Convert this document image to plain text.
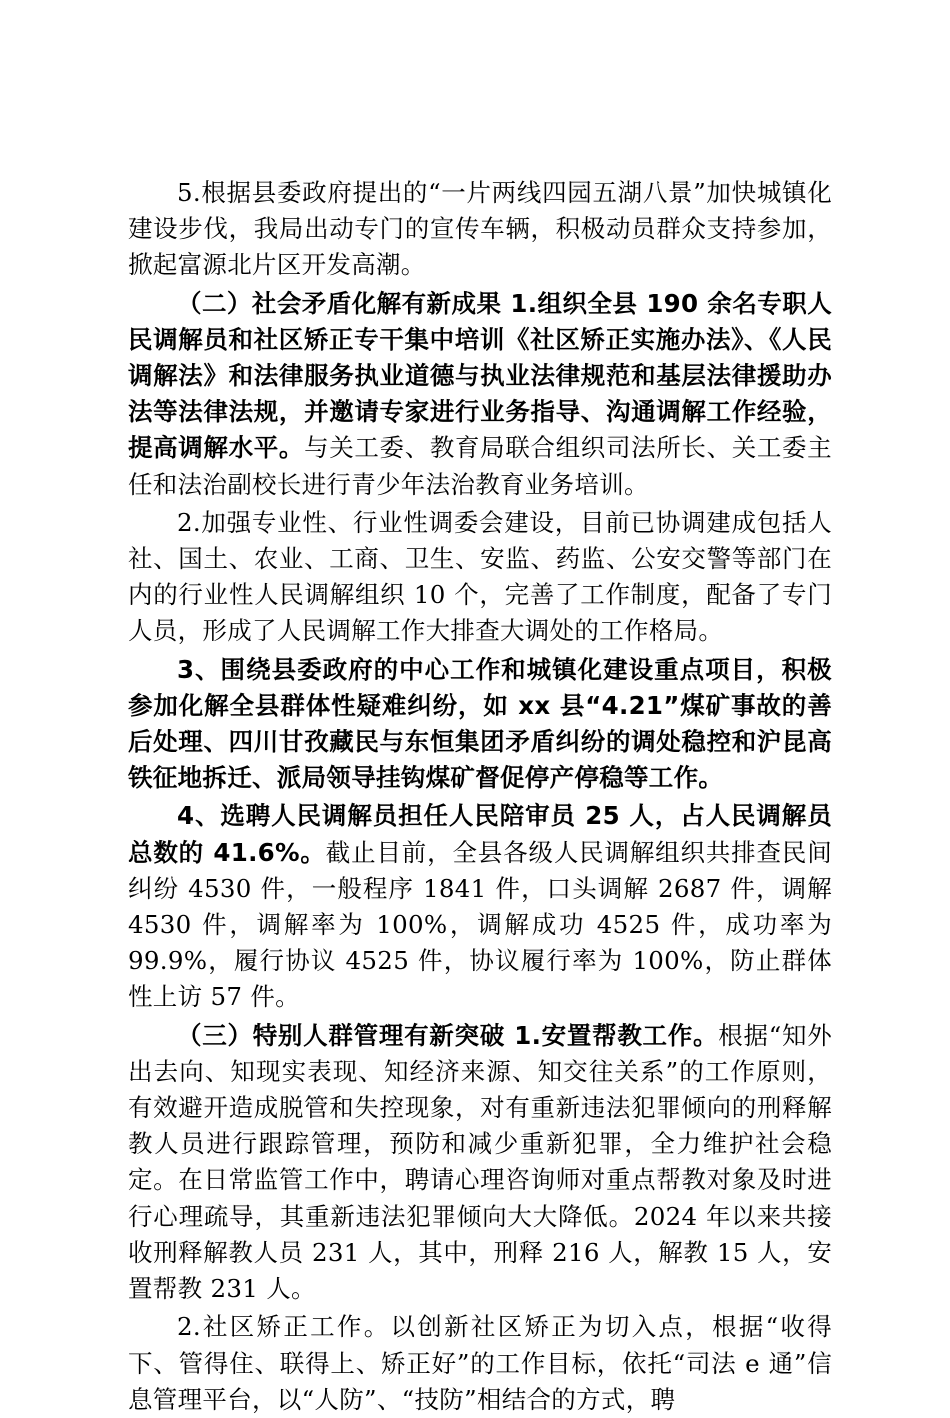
5.根据县委政府提出的“一片两线四园五湖八景”加快城镇化建设步伐，我局出动专门的宣传车辆，积极动员群众支持参加，掀起富源北片区开发高潮。

（二）社会矛盾化解有新成果 1.组织全县 190 余名专职人民调解员和社区矫正专干集中培训《社区矫正实施办法》、《人民调解法》和法律服务执业道德与执业法律规范和基层法律援助办法等法律法规，并邀请专家进行业务指导、沟通调解工作经验，提高调解水平。与关工委、教育局联合组织司法所长、关工委主任和法治副校长进行青少年法治教育业务培训。

2.加强专业性、行业性调委会建设，目前已协调建成包括人社、国土、农业、工商、卫生、安监、药监、公安交警等部门在内的行业性人民调解组织 10 个，完善了工作制度，配备了专门人员，形成了人民调解工作大排查大调处的工作格局。

3、围绕县委政府的中心工作和城镇化建设重点项目，积极参加化解全县群体性疑难纠纷，如 xx 县“4.21”煤矿事故的善后处理、四川甘孜藏民与东恒集团矛盾纠纷的调处稳控和沪昆高铁征地拆迁、派局领导挂钩煤矿督促停产停稳等工作。

4、选聘人民调解员担任人民陪审员 25 人，占人民调解员总数的 41.6%。截止目前，全县各级人民调解组织共排查民间纠纷 4530 件，一般程序 1841 件，口头调解 2687 件，调解 4530 件，调解率为 100%，调解成功 4525 件，成功率为 99.9%，履行协议 4525 件，协议履行率为 100%，防止群体性上访 57 件。

（三）特别人群管理有新突破 1.安置帮教工作。根据“知外出去向、知现实表现、知经济来源、知交往关系”的工作原则，有效避开造成脱管和失控现象，对有重新违法犯罪倾向的刑释解教人员进行跟踪管理，预防和减少重新犯罪，全力维护社会稳定。在日常监管工作中，聘请心理咨询师对重点帮教对象及时进行心理疏导，其重新违法犯罪倾向大大降低。2024 年以来共接收刑释解教人员 231 人，其中，刑释 216 人，解教 15 人，安置帮教 231 人。

2.社区矫正工作。以创新社区矫正为切入点，根据“收得下、管得住、联得上、矫正好”的工作目标，依托“司法 e 通”信息管理平台，以“人防”、“技防”相结合的方式，聘
